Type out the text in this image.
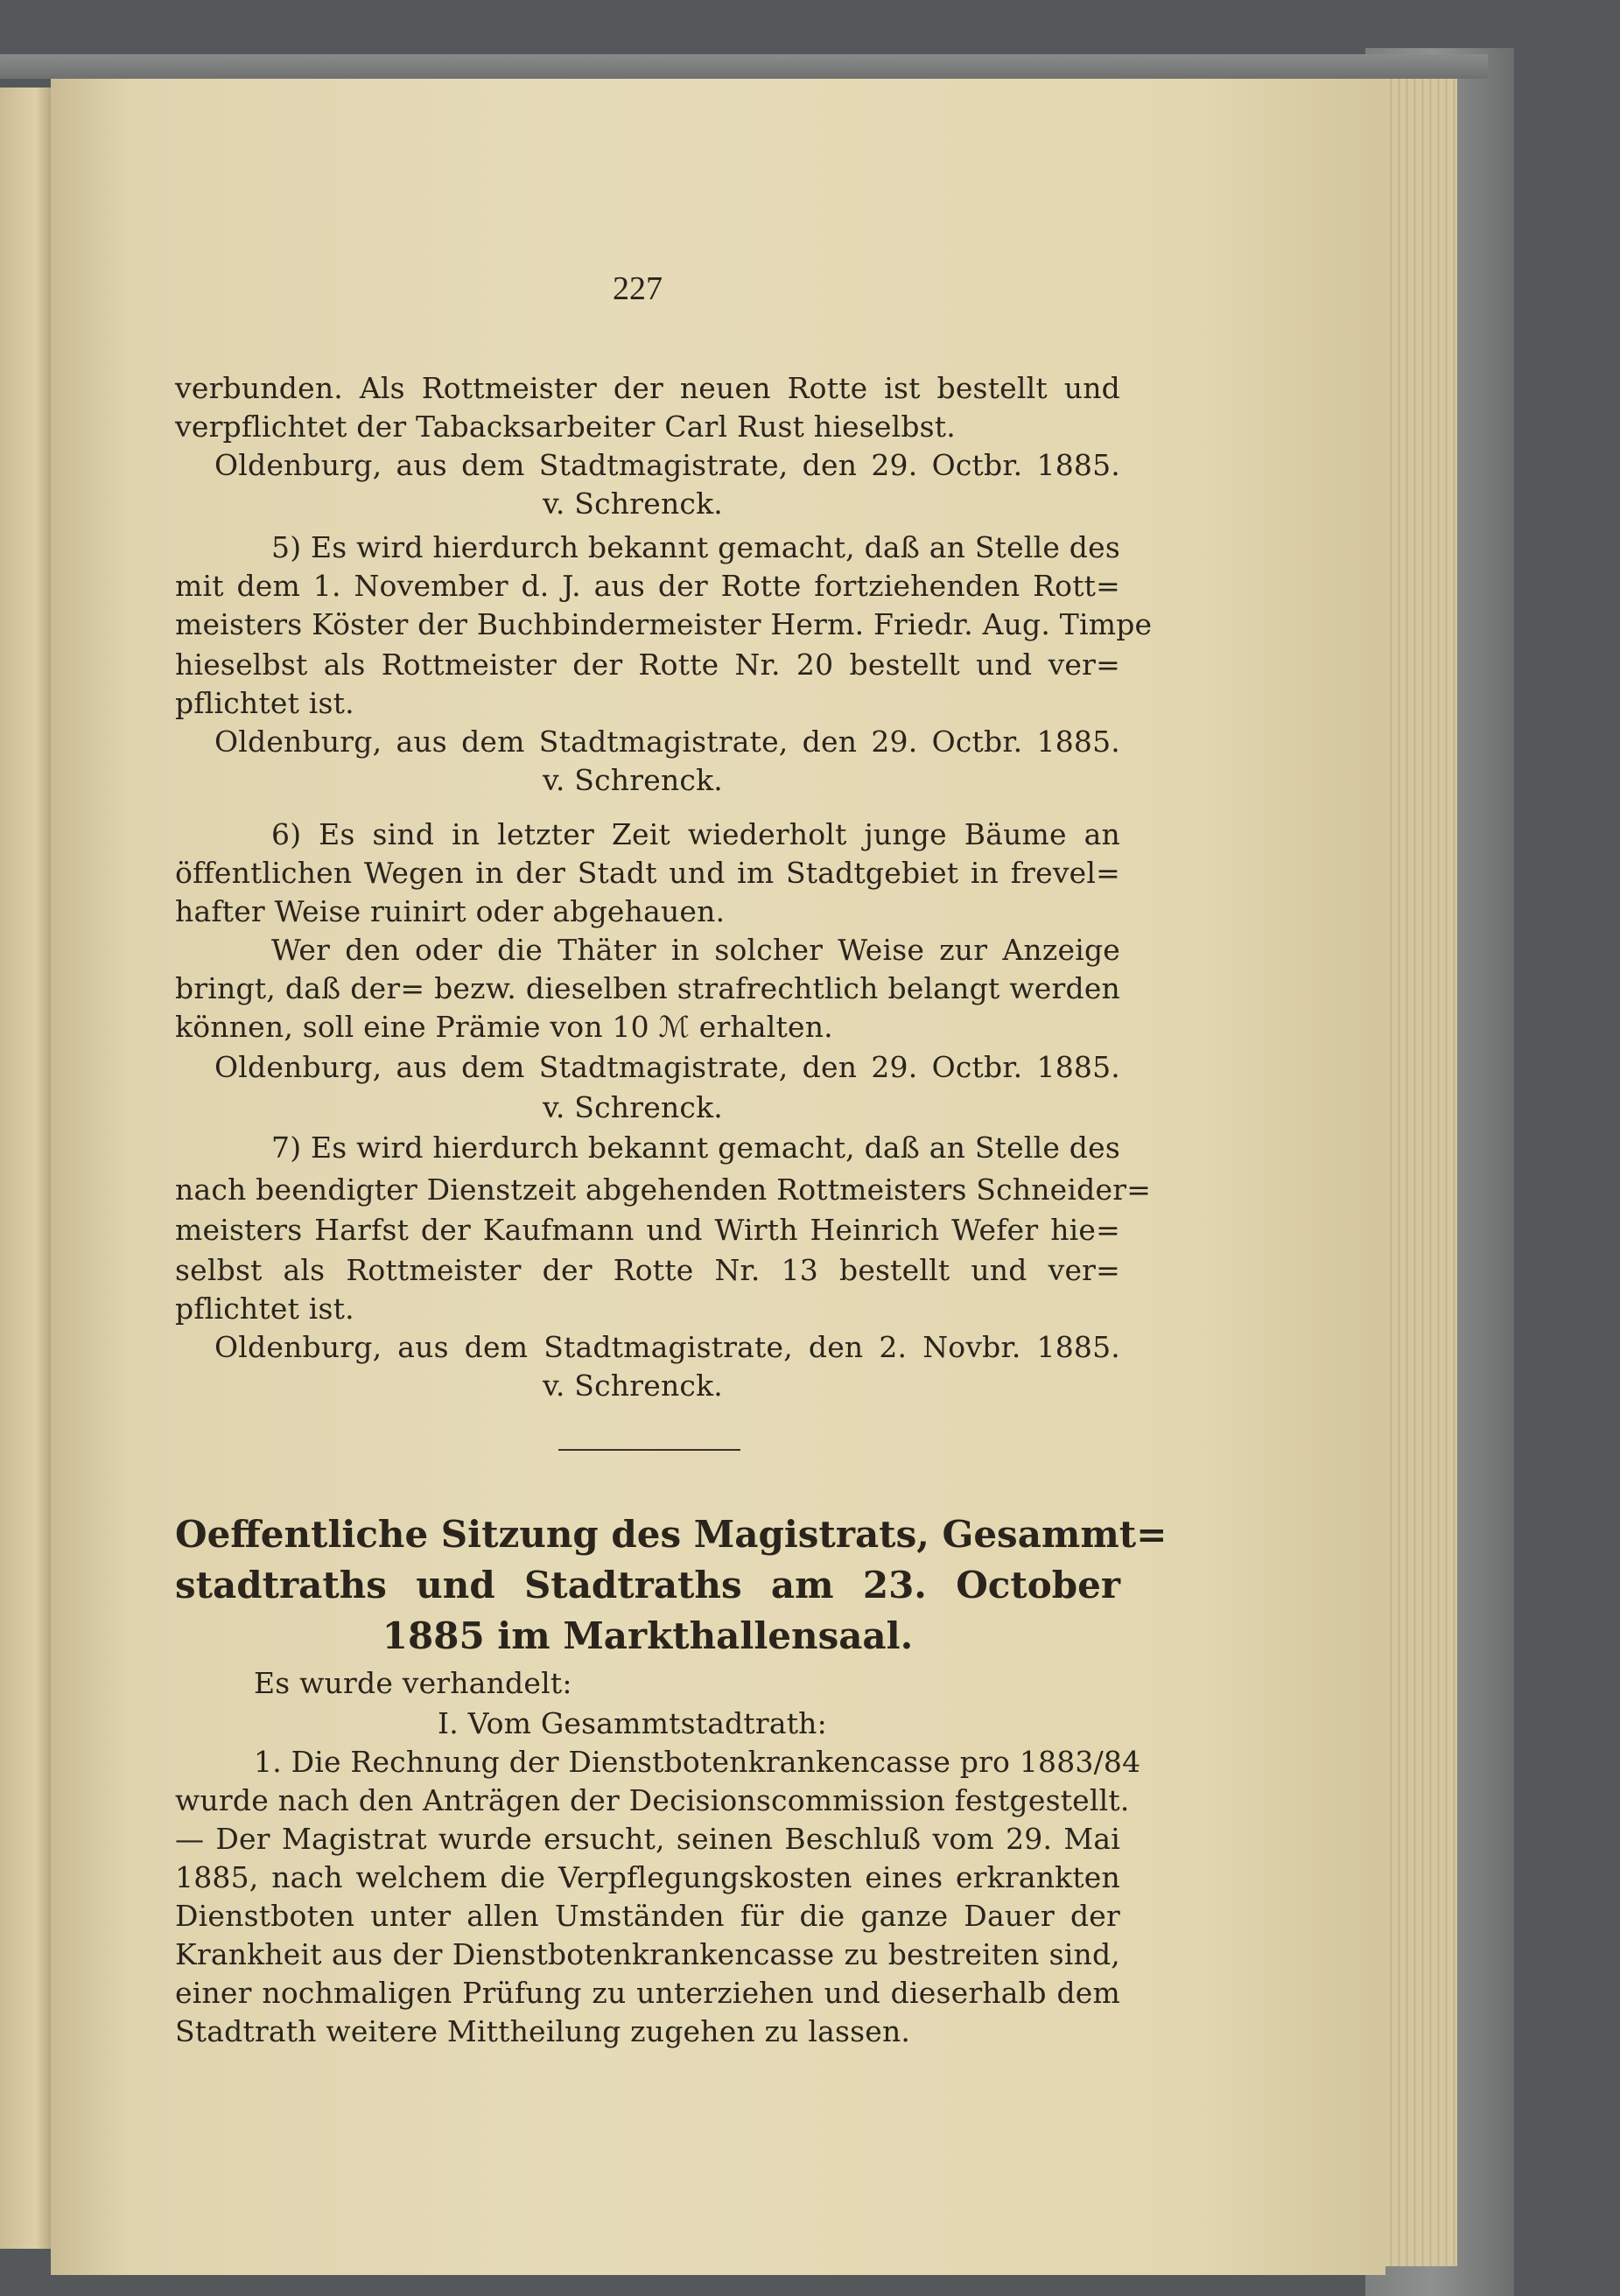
227
verbunden. Als Rottmeister der neuen Rotte ist bestellt und
verpflichtet der Tabacksarbeiter Carl Rust hieselbst.
Oldenburg, aus dem Stadtmagistrate, den 29. Octbr. 1885.
v. Schrenck.
5) Es wird hierdurch bekannt gemacht, daß an Stelle des
mit dem 1. November d. J. aus der Rotte fortziehenden Rott=
meisters Köster der Buchbindermeister Herm. Friedr. Aug. Timpe
hieselbst als Rottmeister der Rotte Nr. 20 bestellt und ver=
pflichtet ist.
Oldenburg, aus dem Stadtmagistrate, den 29. Octbr. 1885.
v. Schrenck.
6) Es sind in letzter Zeit wiederholt junge Bäume an
öffentlichen Wegen in der Stadt und im Stadtgebiet in frevel=
hafter Weise ruinirt oder abgehauen.
Wer den oder die Thäter in solcher Weise zur Anzeige
bringt, daß der= bezw. dieselben strafrechtlich belangt werden
können, soll eine Prämie von 10 ℳ erhalten.
Oldenburg, aus dem Stadtmagistrate, den 29. Octbr. 1885.
v. Schrenck.
7) Es wird hierdurch bekannt gemacht, daß an Stelle des
nach beendigter Dienstzeit abgehenden Rottmeisters Schneider=
meisters Harfst der Kaufmann und Wirth Heinrich Wefer hie=
selbst als Rottmeister der Rotte Nr. 13 bestellt und ver=
pflichtet ist.
Oldenburg, aus dem Stadtmagistrate, den 2. Novbr. 1885.
v. Schrenck.
Oeffentliche Sitzung des Magistrats, Gesammt=
stadtraths und Stadtraths am 23. October
1885 im Markthallensaal.
Es wurde verhandelt:
I. Vom Gesammtstadtrath:
1. Die Rechnung der Dienstbotenkrankencasse pro 1883/84
wurde nach den Anträgen der Decisionscommission festgestellt.
— Der Magistrat wurde ersucht, seinen Beschluß vom 29. Mai
1885, nach welchem die Verpflegungskosten eines erkrankten
Dienstboten unter allen Umständen für die ganze Dauer der
Krankheit aus der Dienstbotenkrankencasse zu bestreiten sind,
einer nochmaligen Prüfung zu unterziehen und dieserhalb dem
Stadtrath weitere Mittheilung zugehen zu lassen.
